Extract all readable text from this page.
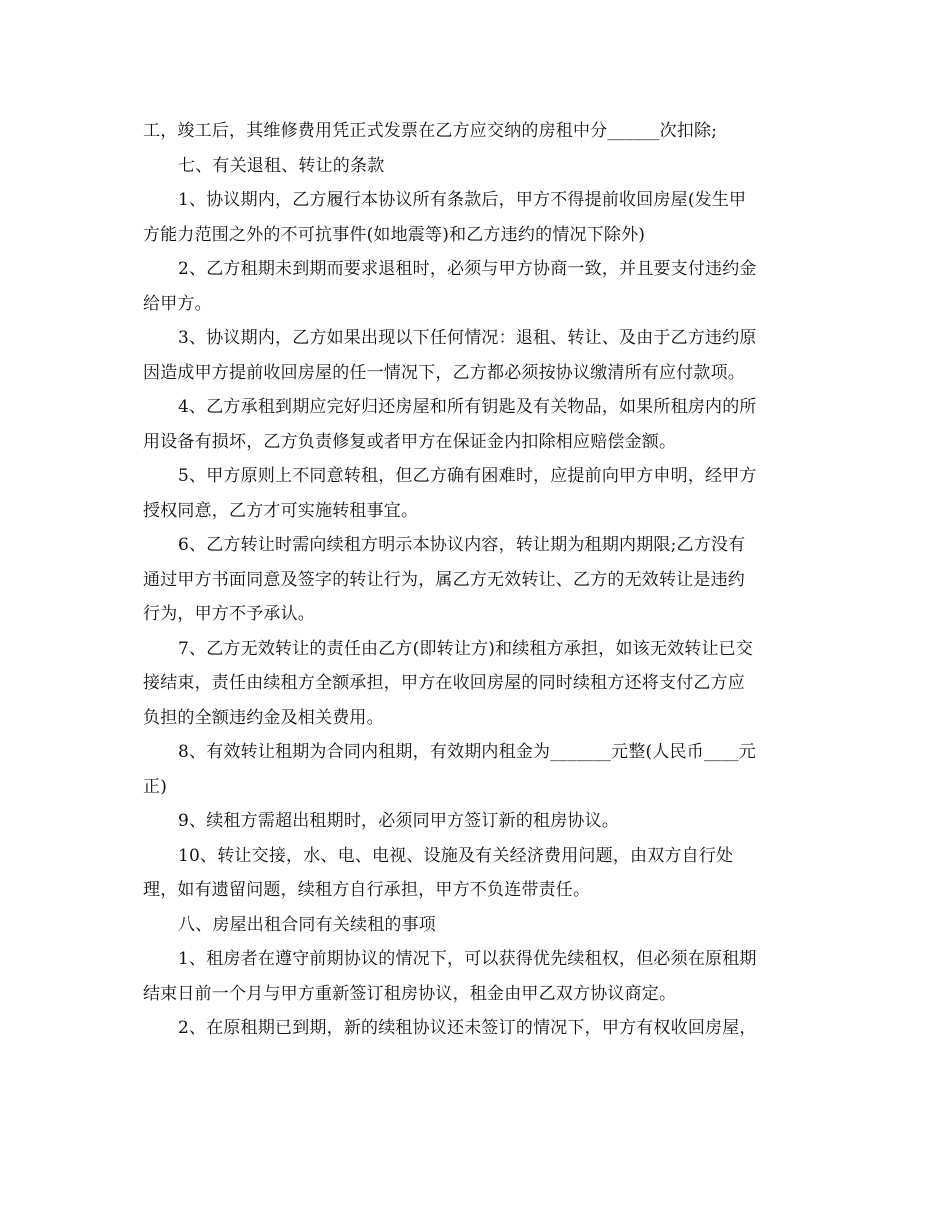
工，竣工后，其维修费用凭正式发票在乙方应交纳的房租中分______次扣除;
七、有关退租、转让的条款
1、协议期内，乙方履行本协议所有条款后，甲方不得提前收回房屋(发生甲
方能力范围之外的不可抗事件(如地震等)和乙方违约的情况下除外)
2、乙方租期未到期而要求退租时，必须与甲方协商一致，并且要支付违约金
给甲方。
3、协议期内，乙方如果出现以下任何情况：退租、转让、及由于乙方违约原
因造成甲方提前收回房屋的任一情况下，乙方都必须按协议缴清所有应付款项。
4、乙方承租到期应完好归还房屋和所有钥匙及有关物品，如果所租房内的所
用设备有损坏，乙方负责修复或者甲方在保证金内扣除相应赔偿金额。
5、甲方原则上不同意转租，但乙方确有困难时，应提前向甲方申明，经甲方
授权同意，乙方才可实施转租事宜。
6、乙方转让时需向续租方明示本协议内容，转让期为租期内期限;乙方没有
通过甲方书面同意及签字的转让行为，属乙方无效转让、乙方的无效转让是违约
行为，甲方不予承认。
7、乙方无效转让的责任由乙方(即转让方)和续租方承担，如该无效转让已交
接结束，责任由续租方全额承担，甲方在收回房屋的同时续租方还将支付乙方应
负担的全额违约金及相关费用。
8、有效转让租期为合同内租期，有效期内租金为_______元整(人民币____元
正)
9、续租方需超出租期时，必须同甲方签订新的租房协议。
10、转让交接，水、电、电视、设施及有关经济费用问题，由双方自行处
理，如有遗留问题，续租方自行承担，甲方不负连带责任。
八、房屋出租合同有关续租的事项
1、租房者在遵守前期协议的情况下，可以获得优先续租权，但必须在原租期
结束日前一个月与甲方重新签订租房协议，租金由甲乙双方协议商定。
2、在原租期已到期，新的续租协议还未签订的情况下，甲方有权收回房屋，
